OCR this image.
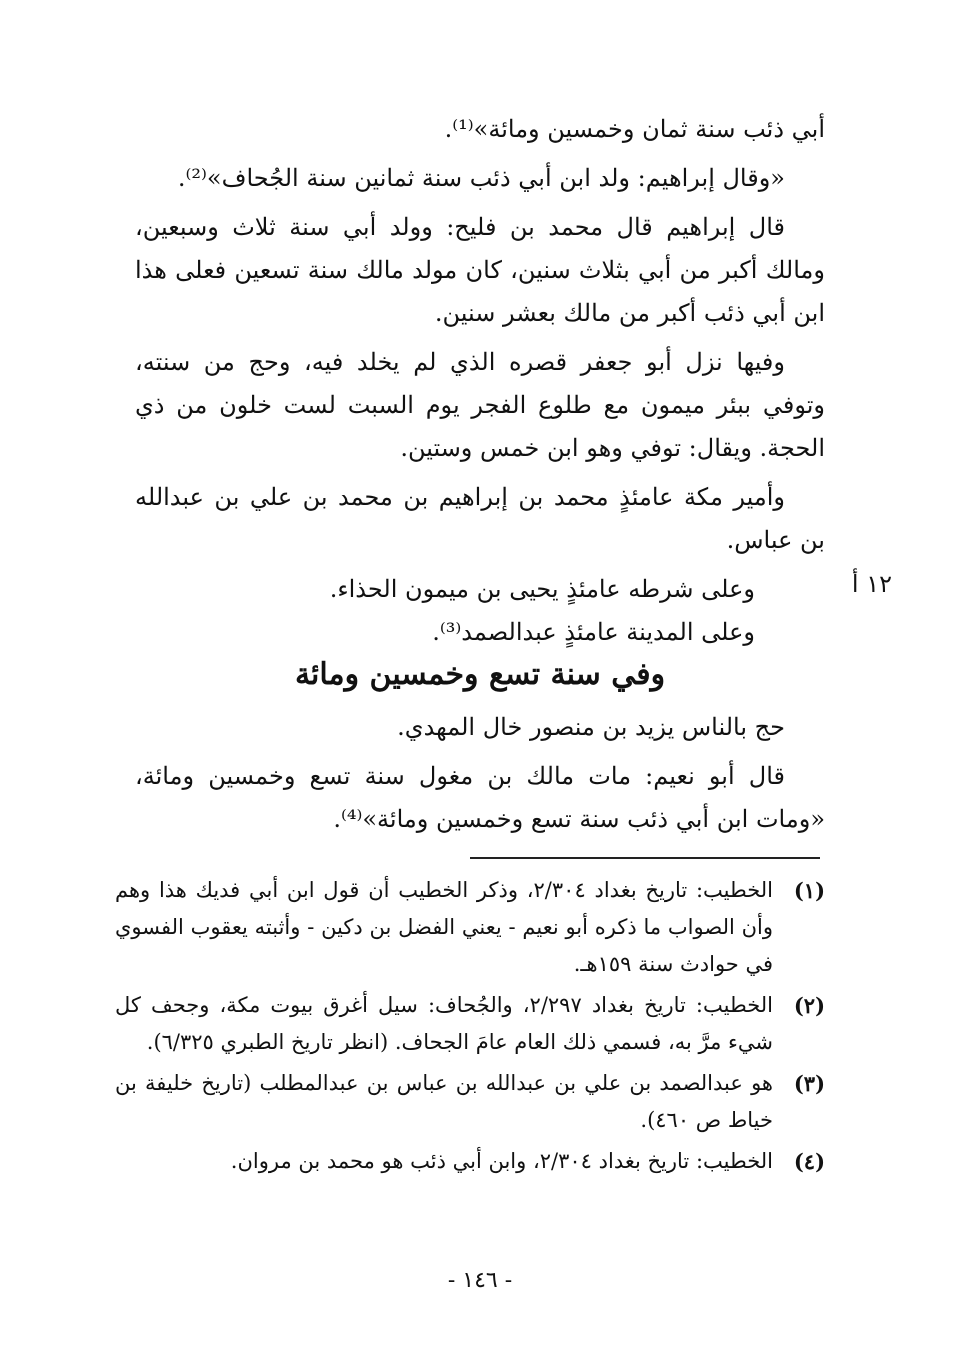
أبي ذئب سنة ثمان وخمسين ومائة»⁽¹⁾.

«وقال إبراهيم: ولد ابن أبي ذئب سنة ثمانين سنة الجُحاف»⁽²⁾.

قال إبراهيم قال محمد بن فليح: وولد أبي سنة ثلاث وسبعين، ومالك أكبر من أبي بثلاث سنين، كان مولد مالك سنة تسعين فعلى هذا ابن أبي ذئب أكبر من مالك بعشر سنين.

وفيها نزل أبو جعفر قصره الذي لم يخلد فيه، وحج من سنته، وتوفي ببئر ميمون مع طلوع الفجر يوم السبت لست خلون من ذي الحجة. ويقال: توفي وهو ابن خمس وستين.

وأمير مكة عامئذٍ محمد بن إبراهيم بن محمد بن علي بن عبدالله بن عباس.

وعلى شرطه عامئذٍ يحيى بن ميمون الحذاء.

وعلى المدينة عامئذٍ عبدالصمد⁽³⁾.

١٢ أ
وفي سنة تسع وخمسين ومائة

حج بالناس يزيد بن منصور خال المهدي.

قال أبو نعيم: مات مالك بن مغول سنة تسع وخمسين ومائة، «ومات ابن أبي ذئب سنة تسع وخمسين ومائة»⁽⁴⁾.

(١)
الخطيب: تاريخ بغداد ٢/٣٠٤، وذكر الخطيب أن قول ابن أبي فديك هذا وهم وأن الصواب ما ذكره أبو نعيم - يعني الفضل بن دكين - وأثبته يعقوب الفسوي في حوادث سنة ١٥٩هـ.
(٢)
الخطيب: تاريخ بغداد ٢/٢٩٧، والجُحاف: سيل أغرق بيوت مكة، وجحف كل شيء مرَّ به، فسمي ذلك العام عامَ الجحاف. (انظر تاريخ الطبري ٦/٣٢٥).
(٣)
هو عبدالصمد بن علي بن عبدالله بن عباس بن عبدالمطلب (تاريخ خليفة بن خياط ص ٤٦٠).
(٤)
الخطيب: تاريخ بغداد ٢/٣٠٤، وابن أبي ذئب هو محمد بن مروان.
- ١٤٦ -
